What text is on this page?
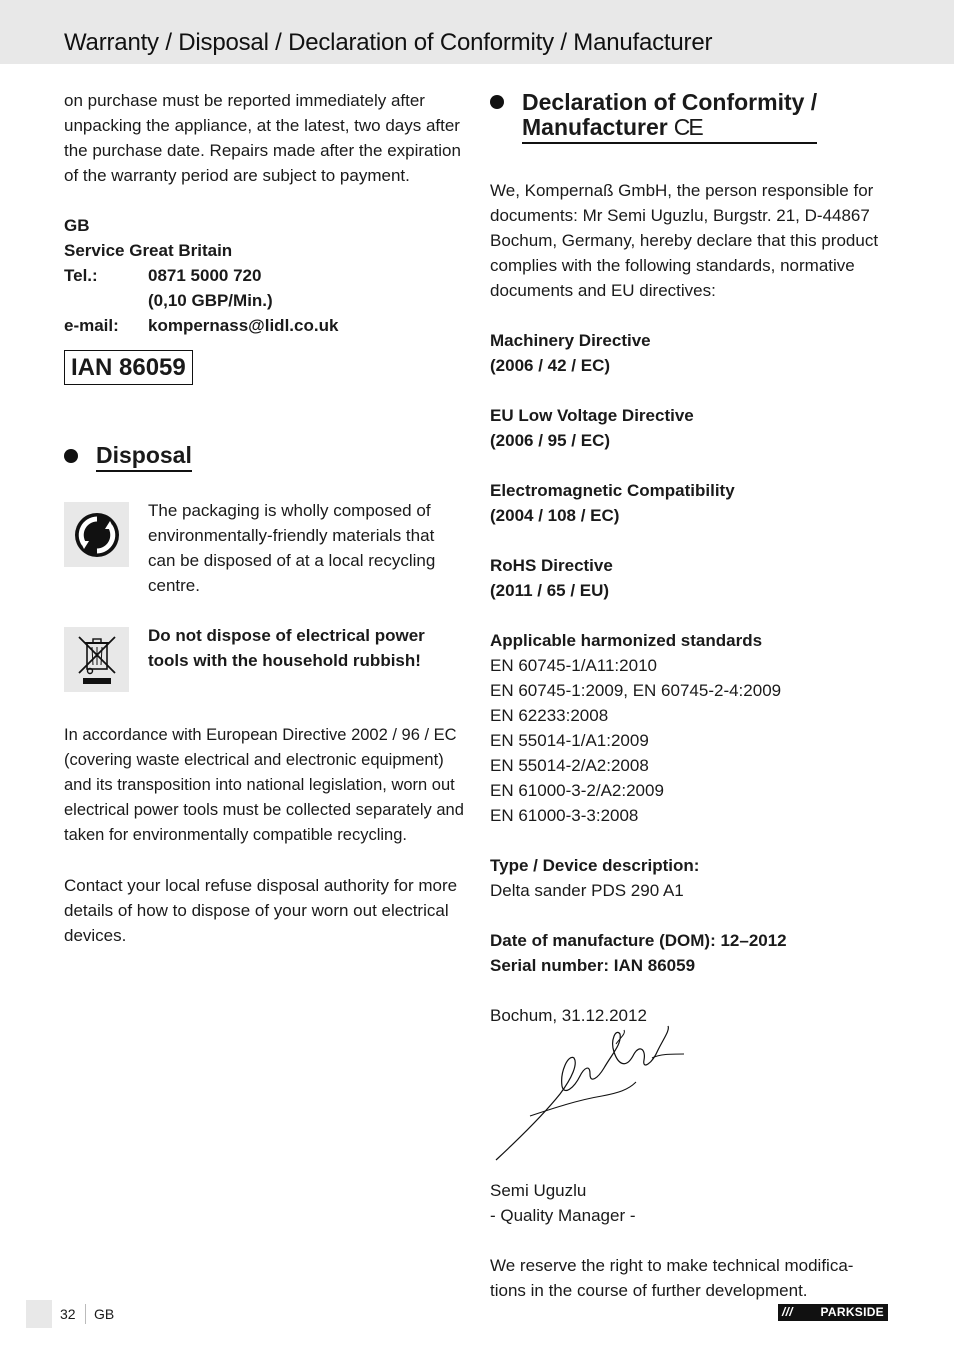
Warranty / Disposal / Declaration of Conformity / Manufacturer

on purchase must be reported immediately after unpacking the appliance, at the latest, two days after the purchase date. Repairs made after the expiration of the warranty period are subject to payment.

GB

Service Great Britain

Tel.:	0871 5000 720
(0,10 GBP/Min.)
e-mail:	kompernass@lidl.co.uk
IAN 86059
Disposal

The packaging is wholly composed of environmentally-friendly materials that can be disposed of at a local recycling centre.

Do not dispose of electrical power tools with the household rubbish!

In accordance with European Directive 2002 / 96 / EC (covering waste electrical and electronic equipment) and its transposition into national legislation, worn out electrical power tools must be collected separately and taken for environmentally compatible recycling.

Contact your local refuse disposal authority for more details of how to dispose of your worn out electrical devices.

Declaration of Conformity /
Manufacturer CE

We, Kompernaß GmbH, the person responsible for documents: Mr Semi Uguzlu, Burgstr. 21, D-44867 Bochum, Germany, hereby declare that this product complies with the following standards, normative documents and EU directives:

Machinery Directive

(2006 / 42 / EC)

EU Low Voltage Directive

(2006 / 95 / EC)

Electromagnetic Compatibility

(2004 / 108 / EC)

RoHS Directive

(2011 / 65 / EU)

Applicable harmonized standards

EN 60745-1/A11:2010

EN 60745-1:2009, EN 60745-2-4:2009

EN 62233:2008

EN 55014-1/A1:2009

EN 55014-2/A2:2008

EN 61000-3-2/A2:2009

EN 61000-3-3:2008

Type / Device description:

Delta sander PDS 290 A1

Date of manufacture (DOM): 12–2012

Serial number: IAN 86059

Bochum, 31.12.2012

Semi Uguzlu

- Quality Manager -

We reserve the right to make technical modifica-

tions in the course of further development.

32 GB	/// PARKSIDE
